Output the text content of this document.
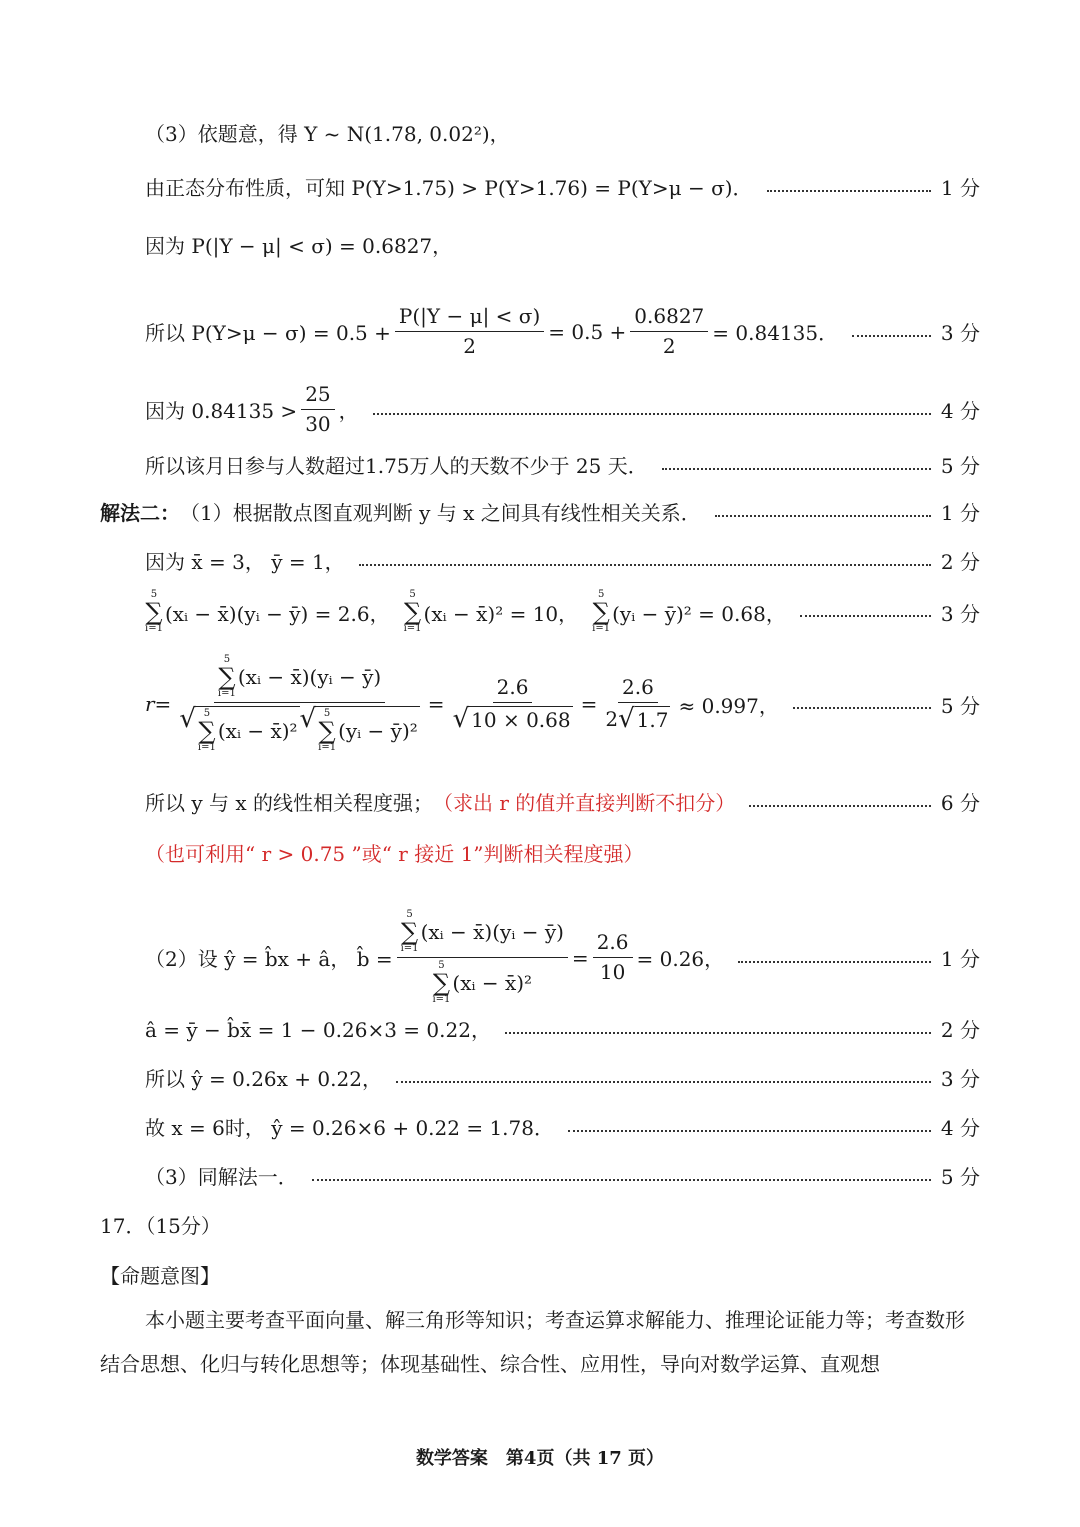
（3）依题意，得 Y ~ N(1.78, 0.02²)，
由正态分布性质，可知 P(Y>1.75) > P(Y>1.76) = P(Y>μ − σ)．	1 分
因为 P(|Y − μ| < σ) = 0.6827，
所以 $P(Y>\mu - \sigma) = 0.5 + \frac{P(|Y - \mu| < \sigma)}{2} = 0.5 + \frac{0.6827}{2} = 0.84135$．	3 分
因为 $0.84135 > \frac{25}{30}$ ，	4 分
所以该月日参与人数超过1.75万人的天数不少于 25 天．	5 分
解法二： （1）根据散点图直观判断 y 与 x 之间具有线性相关关系．	1 分
因为 x̄ = 3， ȳ = 1，	2 分
5
∑
i=1
(xᵢ − x̄)(yᵢ − ȳ) = 2.6，
5
∑
i=1
(xᵢ − x̄)² = 10，
5
∑
i=1
(yᵢ − ȳ)² = 0.68，	3 分
r=
5
∑
i=1
(xᵢ − x̄)(yᵢ − ȳ)
√ 5
∑
i=1
(xᵢ − x̄)² √ 5
∑
i=1
(yᵢ − ȳ)²
= $\frac{2.6}{√ 10 \times 0.68} = \frac{2.6}{2 √ 1.7} \approx 0.997$，	5 分
所以 y 与 x 的线性相关程度强； （求出 r 的值并直接判断不扣分）	6 分
（也可利用“ r > 0.75 ”或“ r 接近 1”判断相关程度强）
（2）设 ŷ = b̂x + â， b̂ =
5
∑
i=1
(xᵢ − x̄)(yᵢ − ȳ)
5
∑
i=1
(xᵢ − x̄)²
= $\frac{2.6}{10} = 0.26$，	1 分
â = ȳ − b̂x̄ = 1 − 0.26×3 = 0.22，	2 分
所以 ŷ = 0.26x + 0.22，	3 分
故 x = 6时， ŷ = 0.26×6 + 0.22 = 1.78．	4 分
（3）同解法一．	5 分
17．（15分）
【命题意图】
本小题主要考查平面向量、解三角形等知识；考查运算求解能力、推理论证能力等；考查数形结合思想、化归与转化思想等；体现基础性、综合性、应用性，导向对数学运算、直观想
数学答案　第4页（共 17 页）
